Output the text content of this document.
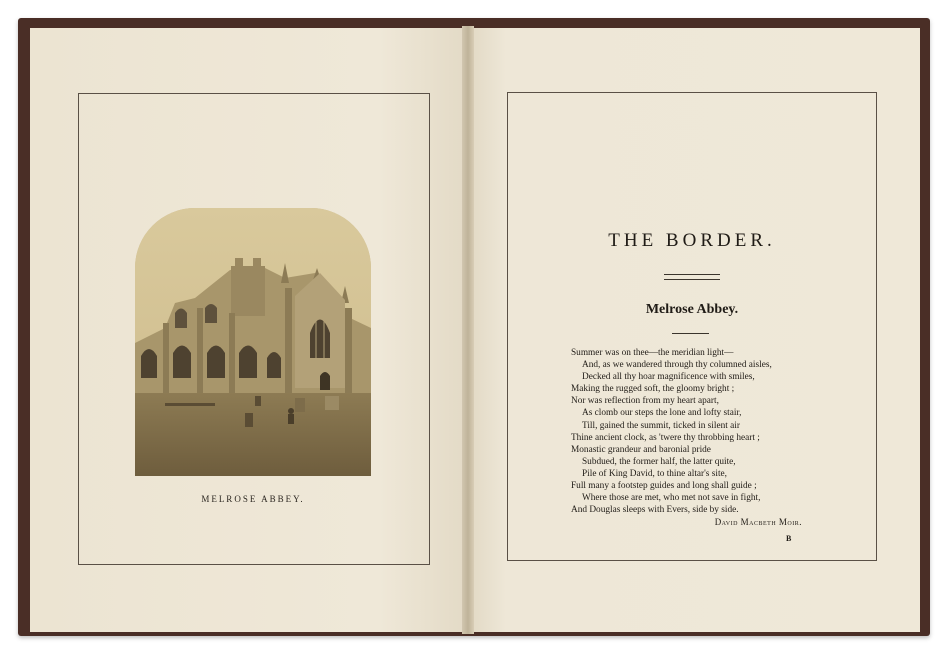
MELROSE ABBEY.
THE BORDER.
Melrose Abbey.
Summer was on thee—the meridian light—
And, as we wandered through thy columned aisles,
Decked all thy hoar magnificence with smiles,
Making the rugged soft, the gloomy bright ;
Nor was reflection from my heart apart,
As clomb our steps the lone and lofty stair,
Till, gained the summit, ticked in silent air
Thine ancient clock, as 'twere thy throbbing heart ;
Monastic grandeur and baronial pride
Subdued, the former half, the latter quite,
Pile of King David, to thine altar's site,
Full many a footstep guides and long shall guide ;
Where those are met, who met not save in fight,
And Douglas sleeps with Evers, side by side.
David Macbeth Moir.
B
